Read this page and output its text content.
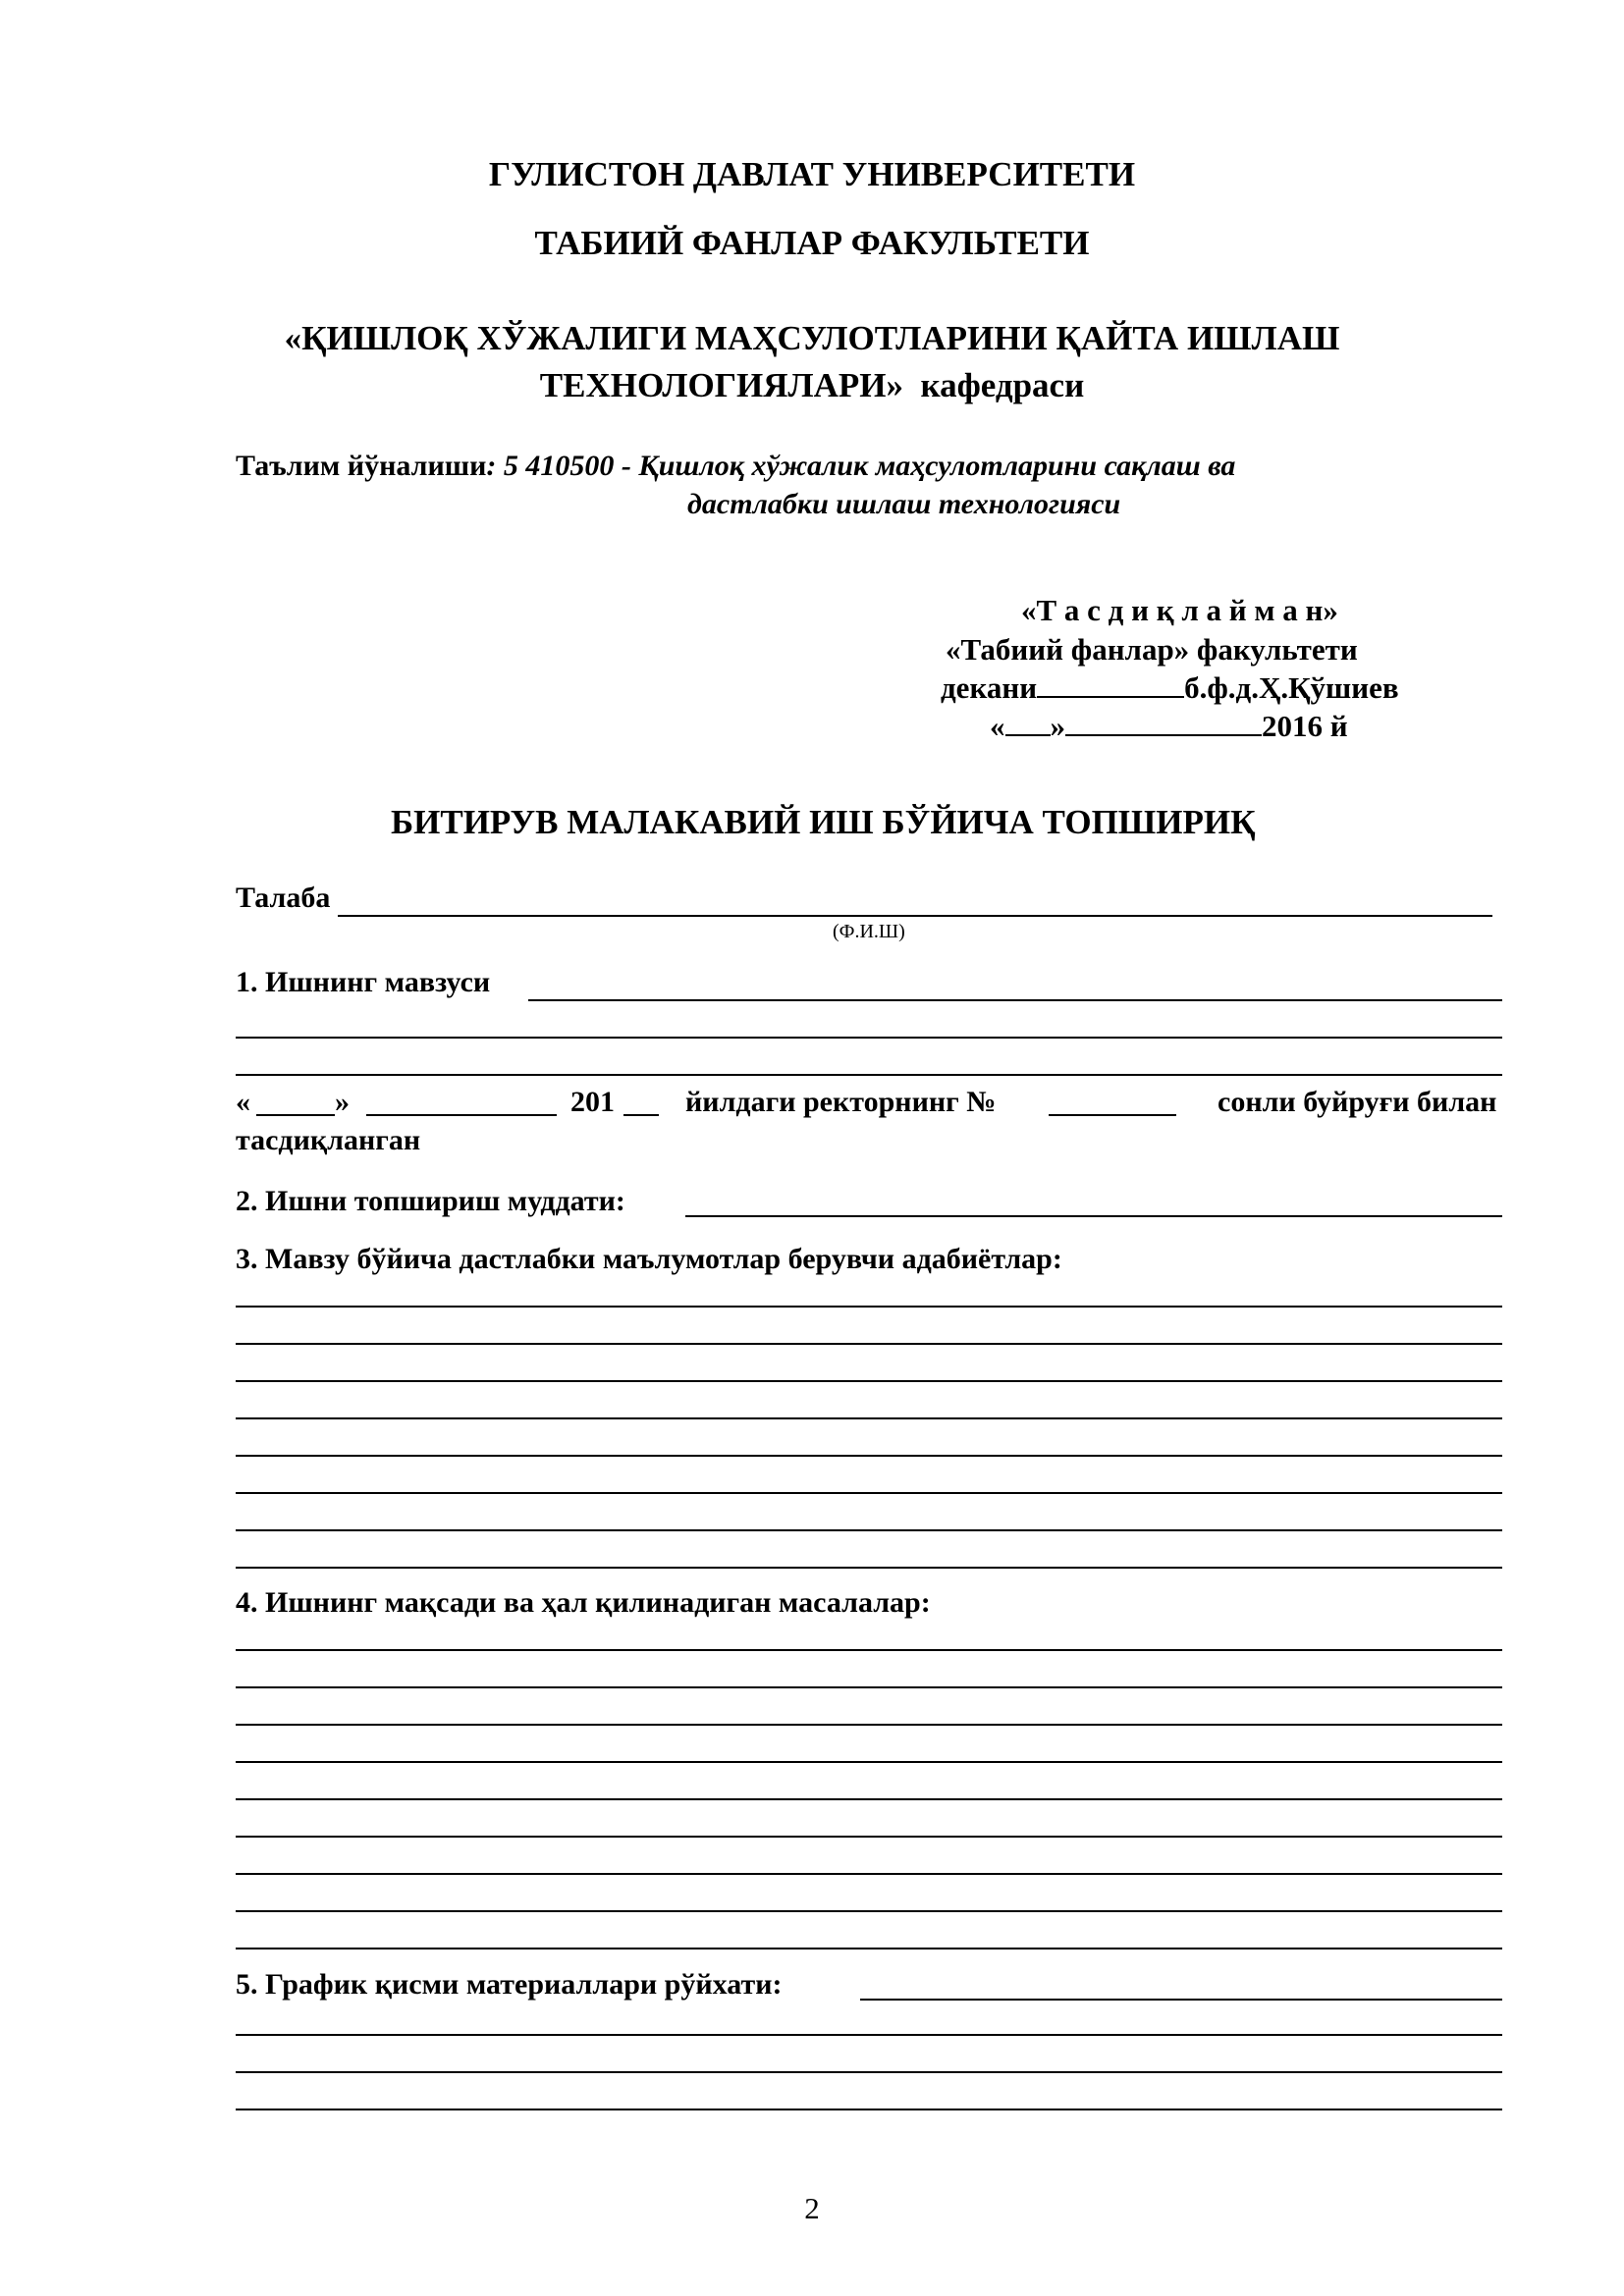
ГУЛИСТОН ДАВЛАТ УНИВЕРСИТЕТИ
ТАБИИЙ ФАНЛАР ФАКУЛЬТЕТИ
«ҚИШЛОҚ ХЎЖАЛИГИ МАҲСУЛОТЛАРИНИ ҚАЙТА ИШЛАШ
ТЕХНОЛОГИЯЛАРИ» кафедраси
Таълим йўналиши: 5 410500 - Қишлоқ хўжалик маҳсулотларини сақлаш ва
дастлабки ишлаш технологияси
«Т а с д и қ л а й м а н»
«Табиий фанлар» факультети
декани	б.ф.д.Ҳ.Қўшиев
« »	2016 й
БИТИРУВ МАЛАКАВИЙ ИШ БЎЙИЧА ТОПШИРИҚ
Талаба
(Ф.И.Ш)
1. Ишнинг мавзуси
«	»	201 йилдаги ректорнинг №	сонли буйруғи билан
тасдиқланган
2. Ишни топшириш муддати:
3. Мавзу бўйича дастлабки маълумотлар берувчи адабиётлар:
4. Ишнинг мақсади ва ҳал қилинадиган масалалар:
5. График қисми материаллари рўйхати:
2
